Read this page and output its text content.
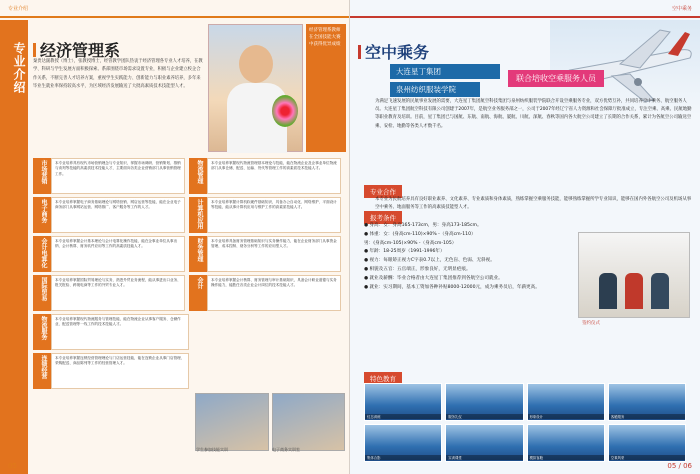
专业介绍
专业介绍 经济管理系
秦贵达副教授（博士），张教授博士，经管教学团队热衷于经济管理各专业人才培养，在教学、科研与学生发展方面积极探索。系部围绕市场需求设置专业，积极与企业建立校企合作关系，不断完善人才培养方案，重视学生实践能力、创新能力与职业素养培养，多年来毕业生就业率保持较高水平，为区域经济发展输送了大批高素质技术技能型人才。
经济管理系教师在全国技能大赛中获得优异成绩
市场营销	本专业培养具有现代市场营销理念与专业知识，掌握市场调研、营销策划、推销与谈判等技能的高素质技术技能人才，主要面向各类企业营销部门从事营销管理工作。	物流管理	本专业培养掌握现代物流管理基本理论与技能，能在物流企业及企事业单位物流部门从事仓储、配送、运输、货代等管理工作的高素质技术技能人才。
电子商务	本专业培养掌握电子商务基础理论与网络营销、网店运营等技能，能在企业电子商务部门从事网站运营、网络推广、客户服务等工作的人才。	计算机应用	本专业培养掌握计算机软硬件基础知识，具备办公自动化、网络维护、平面设计等技能，能从事计算机应用与维护工作的高素质技能人才。
会计电算化	本专业培养掌握会计基本理论与会计电算化操作技能，能在企事业单位从事出纳、会计核算、财务软件应用等工作的高素质技能人才。	财务管理	本专业培养具备财务管理基础知识与实务操作能力，能在企业财务部门从事资金管理、成本控制、财务分析等工作的应用型人才。
国际贸易	本专业培养掌握国际贸易理论与实务，熟悉外贸业务流程，能从事进出口业务、报关报检、跨境电商等工作的外贸专业人才。	会计	本专业培养掌握会计核算、财务管理与审计基础知识，具备会计职业道德与实务操作能力，能胜任各类企业会计岗位的技术技能人才。
物流服务	本专业培养掌握现代物流服务与管理技能，能在物流企业从事客户服务、仓储作业、配送管理等一线工作的技术技能人才。
连锁经营	本专业培养掌握连锁经营管理理论与门店运营技能，能在连锁企业从事门店管理、采购配送、商品陈列等工作的经营管理人才。
学生参加技能实训	电子商务实训室
05
空中乘务
空中乘务
大连星丁集团
泉州纺织服装学院
联合培收空乘服务人员
为满足飞速发展的民航事业发展的需要，大连星丁集团航空科技集团与泉州纺织服装学院联合开设空乘服务专业，双方优势互补，共同培养空中乘务、航空服务人员。大连星丁集团航空科技有限公司创建于2007年，是航空业务服务部之一，公司于2007年经辽宁省人力资源和社会保障厅批准成立，专注空乘、高乘、民航地勤等职业教育及培训。目前，星丁集团已与国航、东航、南航、海航、厦航、川航、深航、春秋等国内各大航空公司建立了长期的合作关系，累计为各航空公司输送空乘、安检、地勤等各类人才数千名。
专业合作
本专业为民航培养具有良好职业素养、文化素养、专业素质和身体素质，熟练掌握空乘服务技能，能够熟练掌握所学专业知识，能够在国内外各航空公司及机场从事空中乘务、地面服务等工作的高素质技能型人才。
报考条件
● 身高：女：身高165-173cm，男：身高173-185cm。
● 体重：女：(身高cm-110)×90% -（身高cm-110）
男：(身高cm-105)×90% -（身高cm-105）
● 年龄：18-25周岁（1991-1996年）
● 视力：每眼矫正视力C字表0.7以上，无色盲、色弱、无斜视。
● 相貌及五官：五官端正，形象良好，无明显疤痕。
● 就业及薪酬：毕业合格者由大连星丁集团推荐到各航空公司就业。
● 就业：实习期间，基本工资加各种补贴8000-12000元，成为乘务员后，年薪更高。
签约仪式
特色教育
仪态训练	服务礼仪	形象设计	客舱服务
集体合影	实训课堂	模拟客舱	空乘风采
05 / 06
